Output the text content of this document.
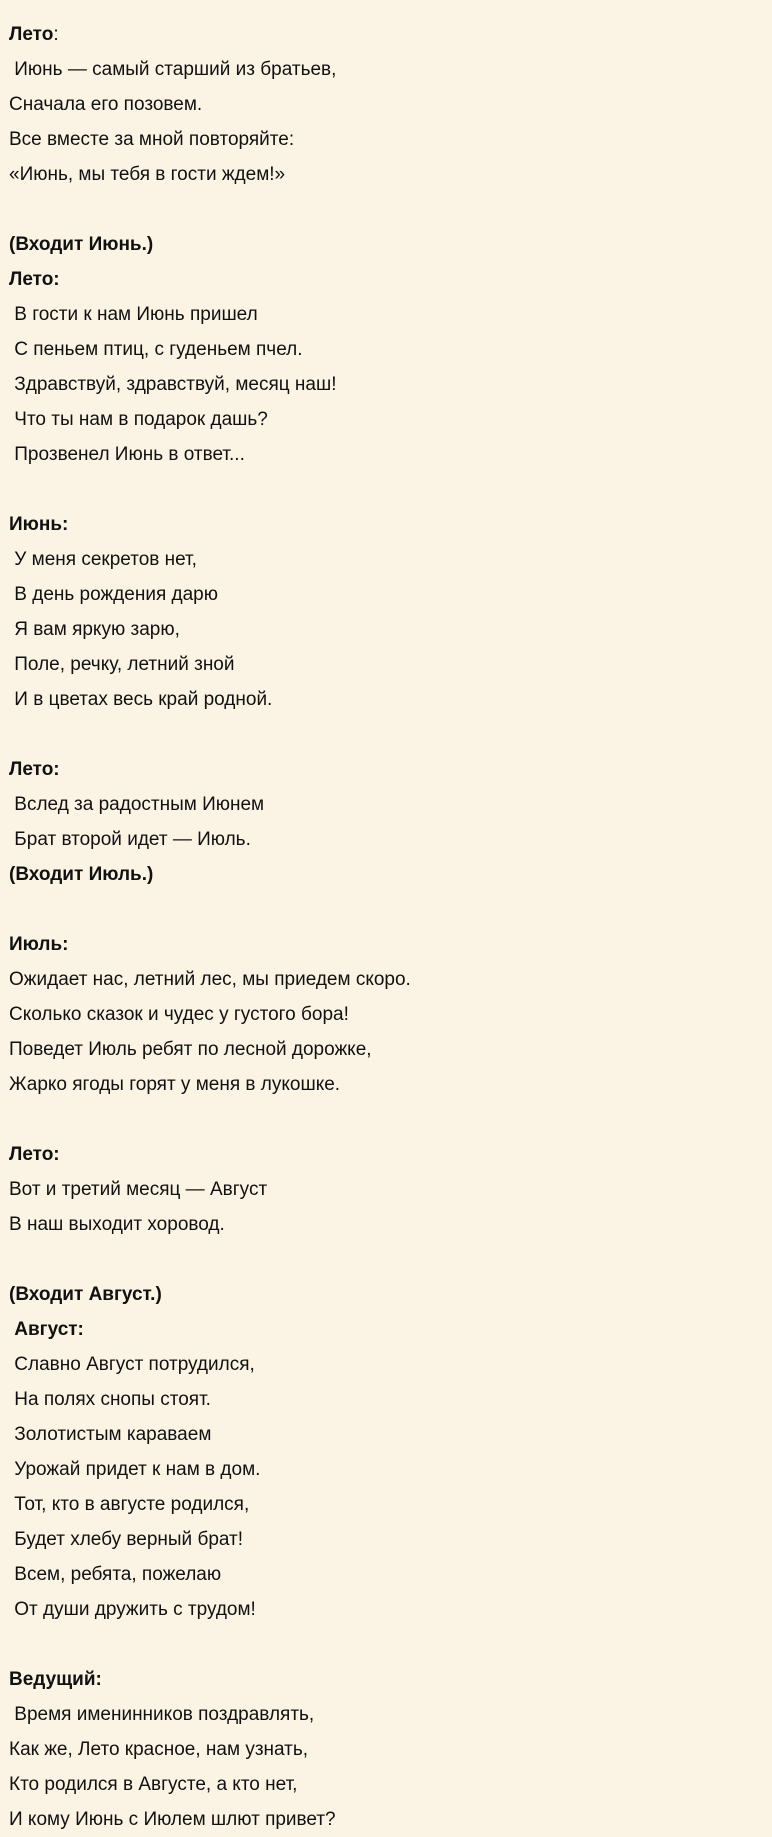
Лето:
Июнь — самый старший из братьев,
Сначала его позовем.
Все вместе за мной повторяйте:
«Июнь, мы тебя в гости ждем!»
(Входит Июнь.)
Лето:
В гости к нам Июнь пришел
С пеньем птиц, с гуденьем пчел.
Здравствуй, здравствуй, месяц наш!
Что ты нам в подарок дашь?
Прозвенел Июнь в ответ...
Июнь:
У меня секретов нет,
В день рождения дарю
Я вам яркую зарю,
Поле, речку, летний зной
И в цветах весь край родной.
Лето:
Вслед за радостным Июнем
Брат второй идет — Июль.
(Входит Июль.)
Июль:
Ожидает нас, летний лес, мы приедем скоро.
Сколько сказок и чудес у густого бора!
Поведет Июль ребят по лесной дорожке,
Жарко ягоды горят у меня в лукошке.
Лето:
Вот и третий месяц — Август
В наш выходит хоровод.
(Входит Август.)
Август:
Славно Август потрудился,
На полях снопы стоят.
Золотистым караваем
Урожай придет к нам в дом.
Тот, кто в августе родился,
Будет хлебу верный брат!
Всем, ребята, пожелаю
От души дружить с трудом!
Ведущий:
Время именинников поздравлять,
Как же, Лето красное, нам узнать,
Кто родился в Августе, а кто нет,
И кому Июнь с Июлем шлют привет?
